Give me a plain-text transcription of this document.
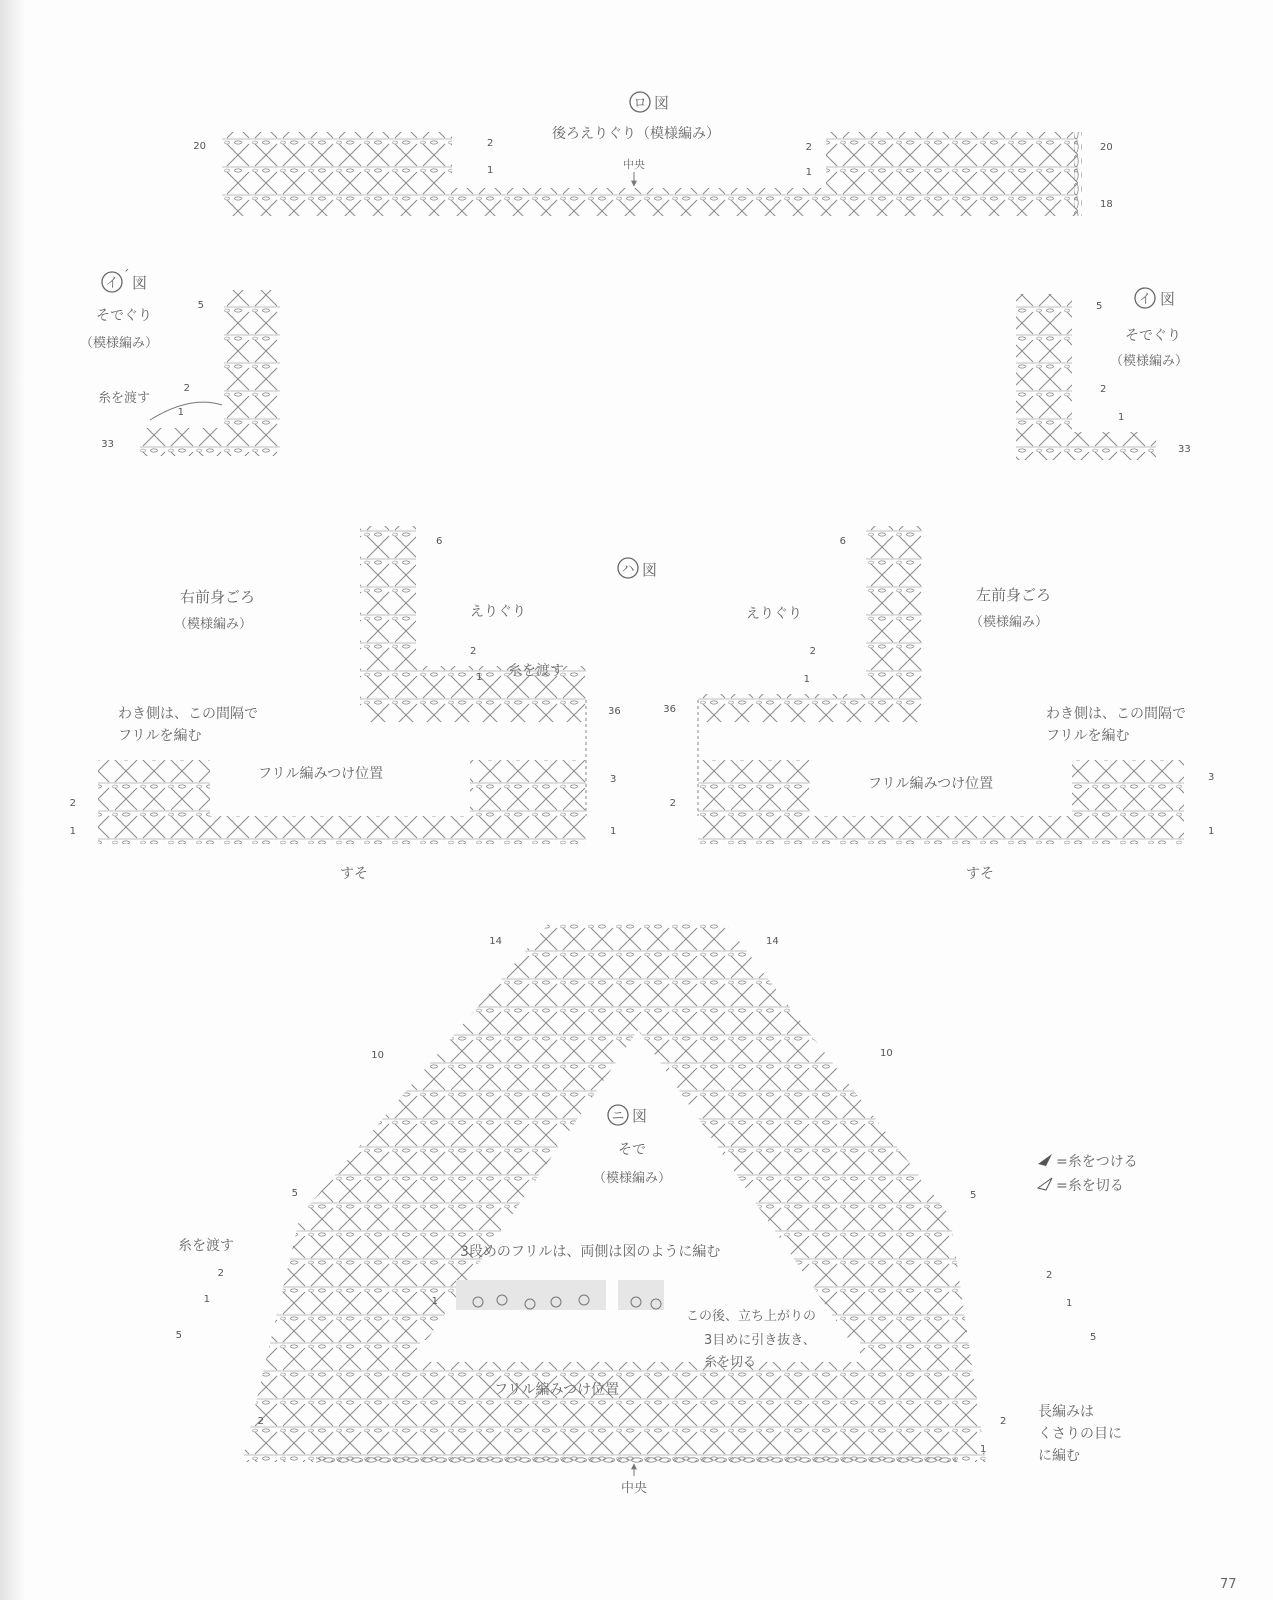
ロ 図
後ろえりぐり（模様編み）
中央
20	2
1
2
1
20
18
イ ´ 図
そでぐり
（模様編み）
糸を渡す
5
2
1
33
イ 図
そでぐり
（模様編み）
5
2
1
33
ハ 図
右前身ごろ
（模様編み）
えりぐり
わき側は、この間隔で
フリルを編む
フリル編みつけ位置
すそ
6
2
1
36
3
2
1	1
左前身ごろ
（模様編み）
えりぐり
わき側は、この間隔で
フリルを編む
フリル編みつけ位置
すそ
6
2
1
36
3
2
1
ニ 図
そで
（模様編み）
3段めのフリルは、両側は図のように編む
この後、立ち上がりの
3目めに引き抜き、
糸を切る
フリル編みつけ位置
糸を渡す
長編みは
くさりの目に
に編む
中央
14	14
10	10
5	5
2	2
1	1
5	5
1
2	2
1
=糸をつける
=糸を切る
77
